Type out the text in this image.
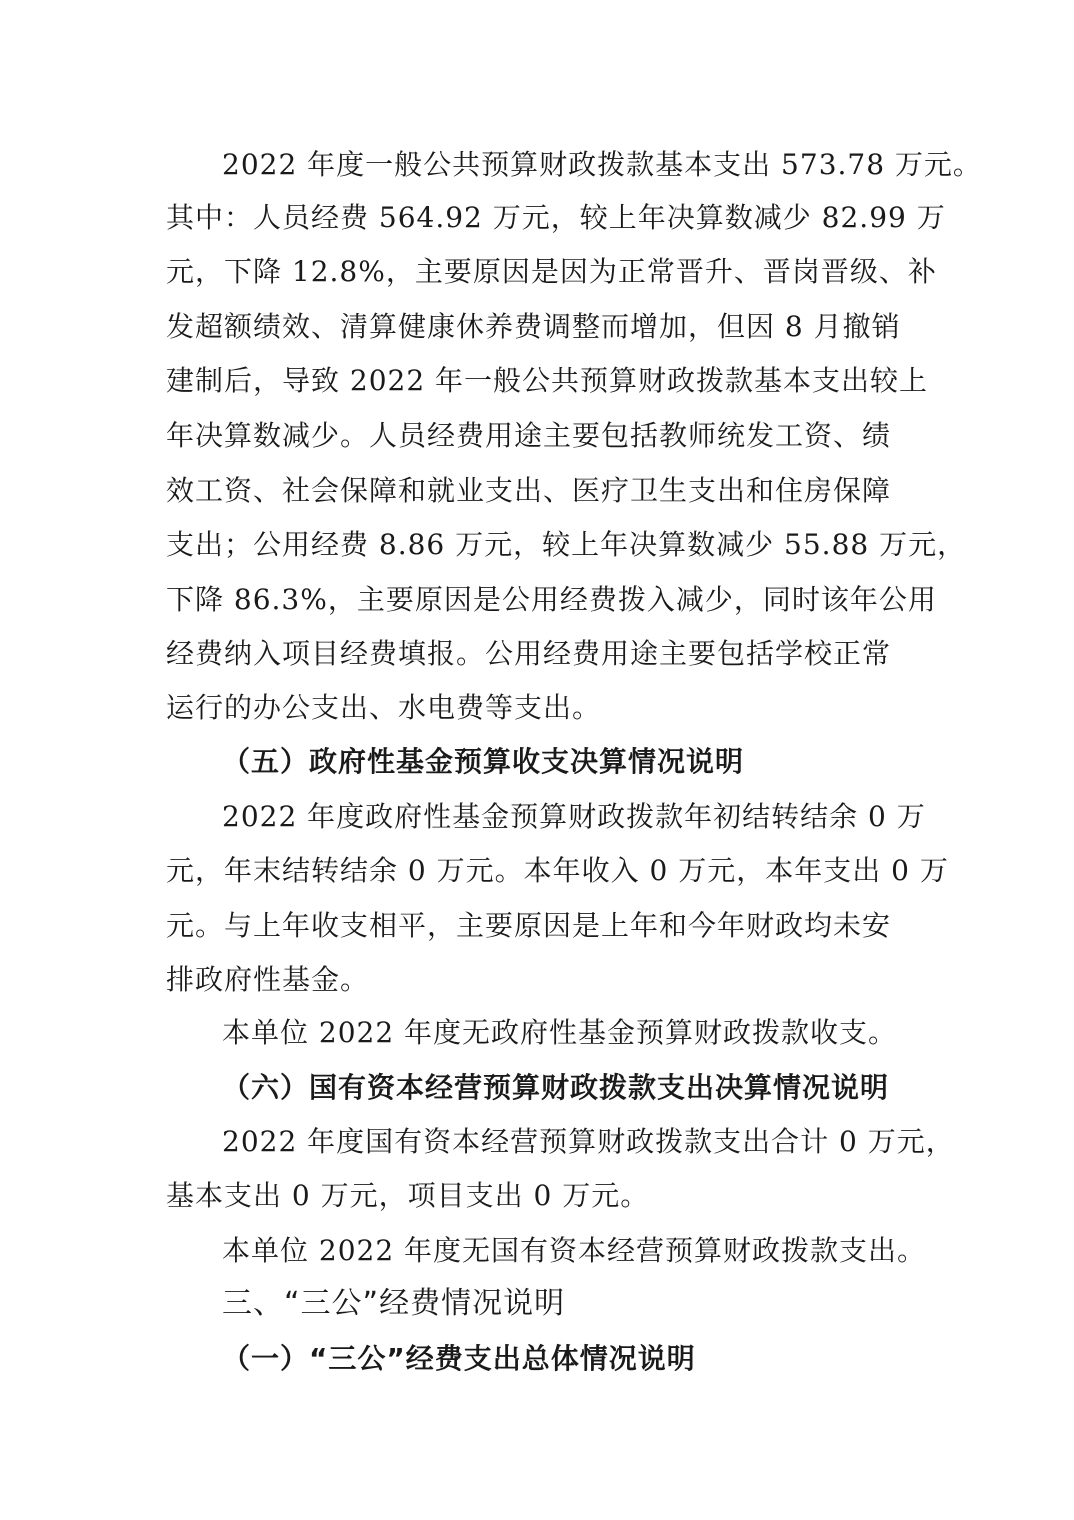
2022 年度一般公共预算财政拨款基本支出 573.78 万元。
其中：人员经费 564.92 万元，较上年决算数减少 82.99 万
元，下降 12.8%，主要原因是因为正常晋升、晋岗晋级、补
发超额绩效、清算健康休养费调整而增加，但因 8 月撤销
建制后，导致 2022 年一般公共预算财政拨款基本支出较上
年决算数减少。人员经费用途主要包括教师统发工资、绩
效工资、社会保障和就业支出、医疗卫生支出和住房保障
支出；公用经费 8.86 万元，较上年决算数减少 55.88 万元，
下降 86.3%，主要原因是公用经费拨入减少，同时该年公用
经费纳入项目经费填报。公用经费用途主要包括学校正常
运行的办公支出、水电费等支出。
（五）政府性基金预算收支决算情况说明
2022 年度政府性基金预算财政拨款年初结转结余 0 万
元，年末结转结余 0 万元。本年收入 0 万元，本年支出 0 万
元。与上年收支相平，主要原因是上年和今年财政均未安
排政府性基金。
本单位 2022 年度无政府性基金预算财政拨款收支。
（六）国有资本经营预算财政拨款支出决算情况说明
2022 年度国有资本经营预算财政拨款支出合计 0 万元，
基本支出 0 万元，项目支出 0 万元。
本单位 2022 年度无国有资本经营预算财政拨款支出。
三、“三公”经费情况说明
（一）“三公”经费支出总体情况说明
